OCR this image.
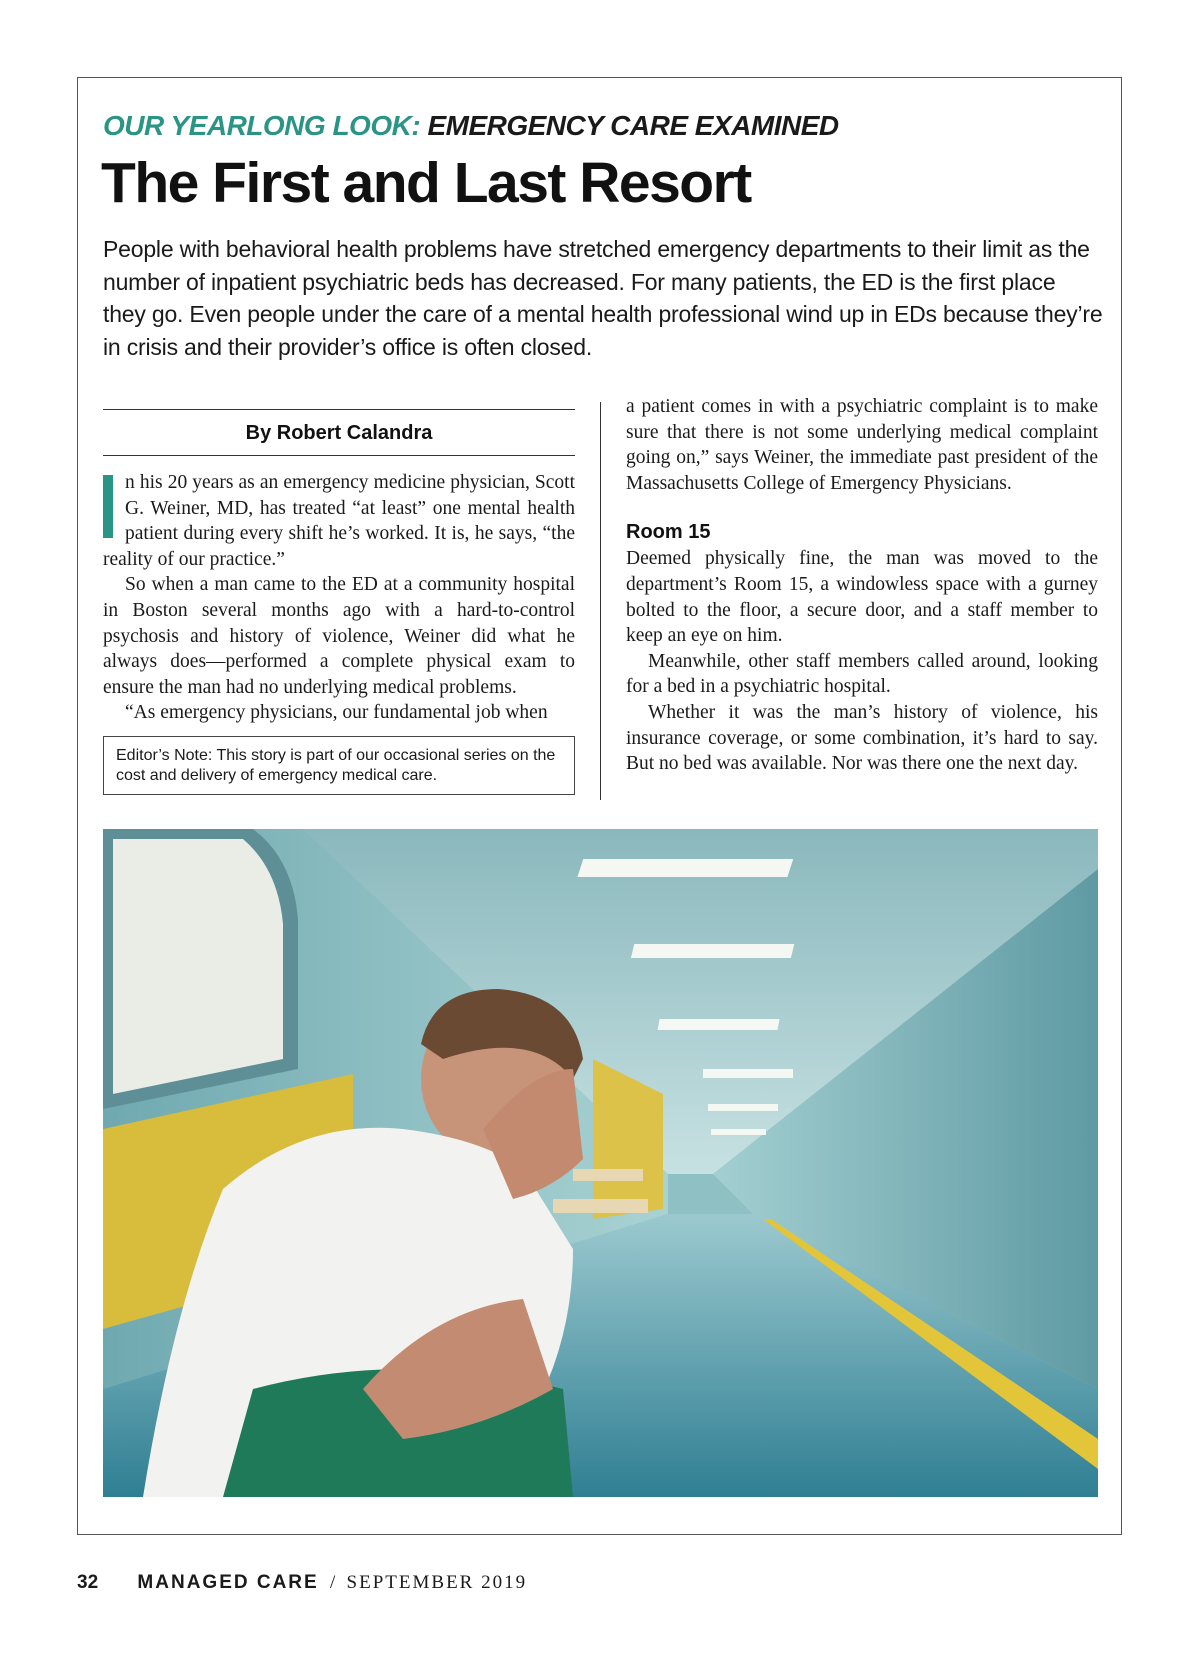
OUR YEARLONG LOOK: EMERGENCY CARE EXAMINED
The First and Last Resort

People with behavioral health problems have stretched emergency departments to their limit as the number of inpatient psychiatric beds has decreased. For many patients, the ED is the first place they go. Even people under the care of a mental health professional wind up in EDs because they’re in crisis and their provider’s office is often closed.

By Robert Calandra

n his 20 years as an emergency medicine physician, Scott G. Weiner, MD, has treated “at least” one mental health patient during every shift he’s worked. It is, he says, “the reality of our practice.”

So when a man came to the ED at a community hospital in Boston several months ago with a hard-to-control psychosis and history of violence, Weiner did what he always does—performed a complete physical exam to ensure the man had no underlying medical problems.

“As emergency physicians, our fundamental job when

Editor’s Note: This story is part of our occasional series on the cost and delivery of emergency medical care.

a patient comes in with a psychiatric complaint is to make sure that there is not some underlying medical complaint going on,” says Weiner, the immediate past president of the Massachusetts College of Emergency Physicians.

Room 15

Deemed physically fine, the man was moved to the department’s Room 15, a windowless space with a gurney bolted to the floor, a secure door, and a staff member to keep an eye on him.

Meanwhile, other staff members called around, looking for a bed in a psychiatric hospital.

Whether it was the man’s history of violence, his insurance coverage, or some combination, it’s hard to say. But no bed was available. Nor was there one the next day.

32 MANAGED CARE / SEPTEMBER 2019
